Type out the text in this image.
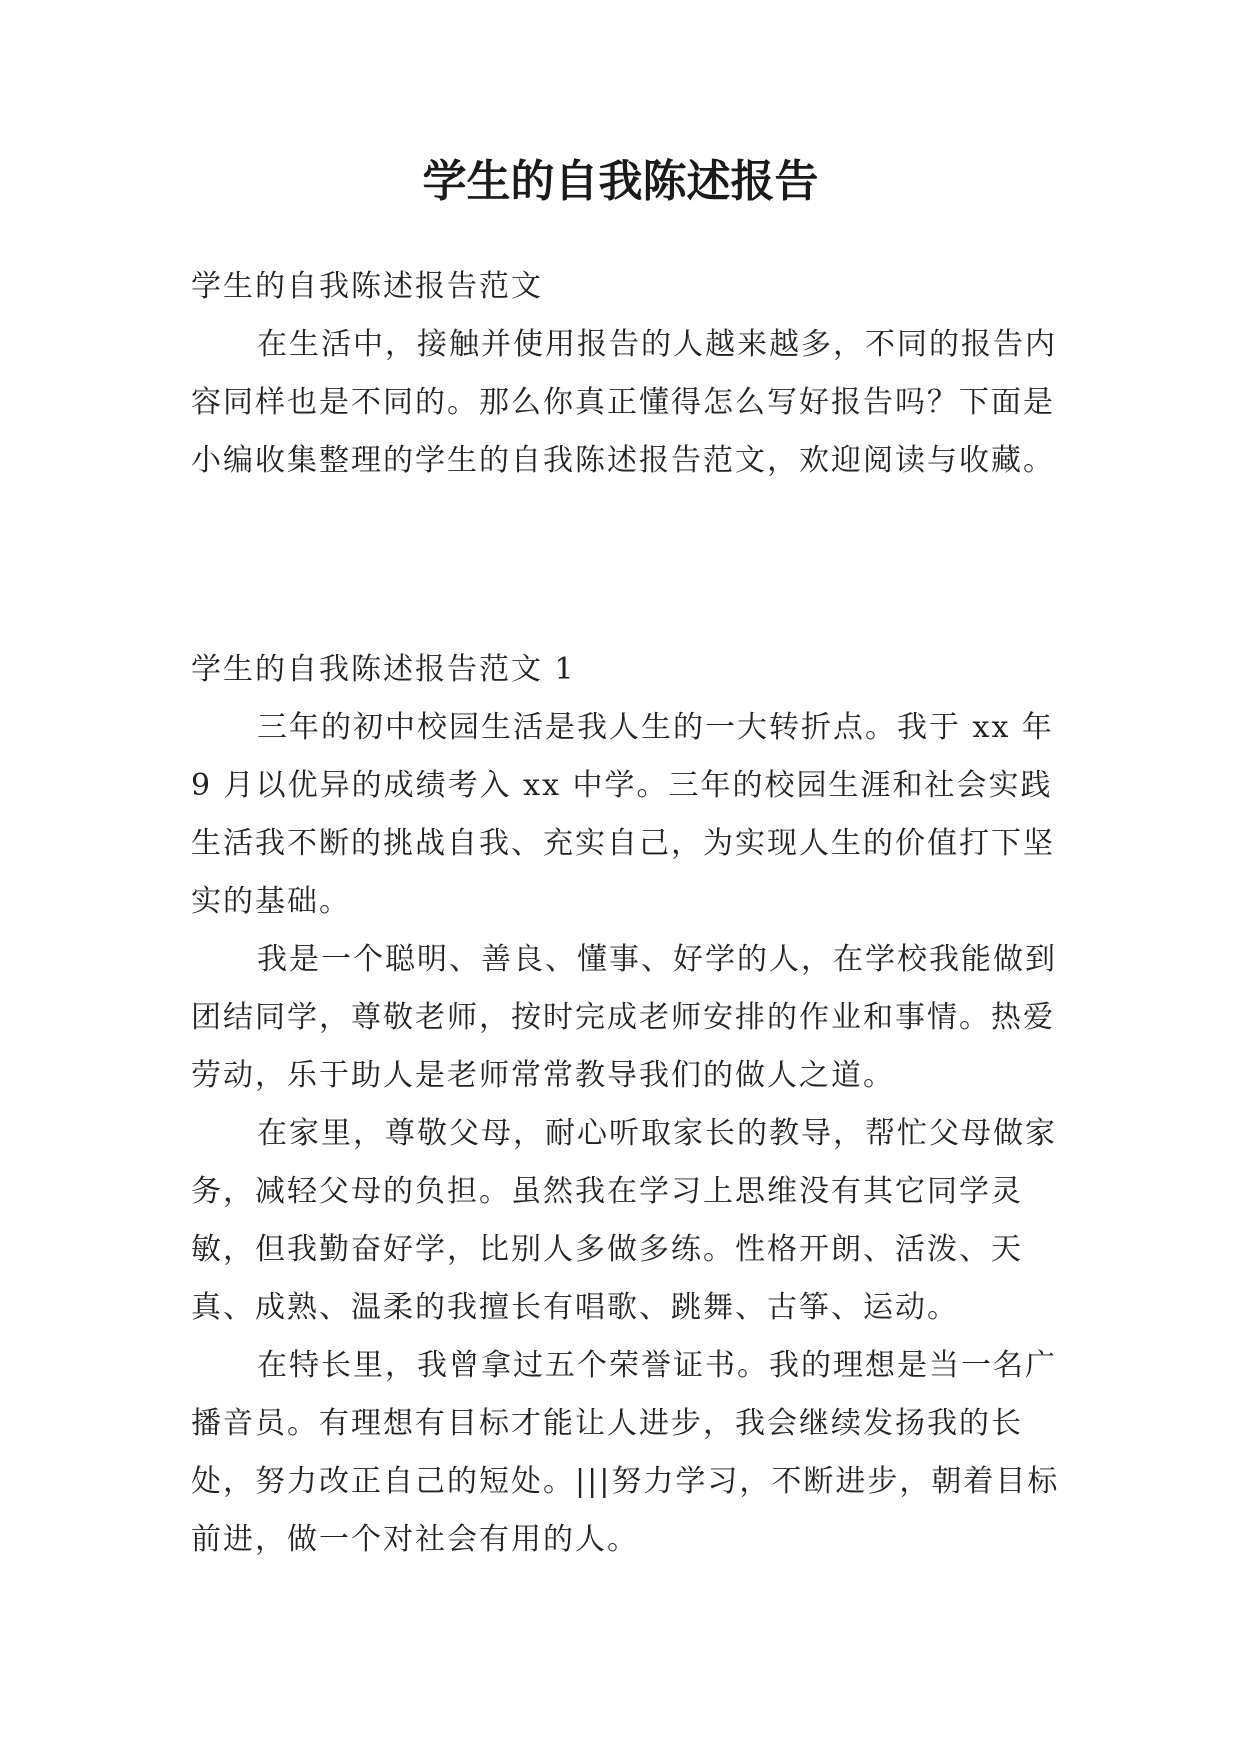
学生的自我陈述报告

学生的自我陈述报告范文

在生活中，接触并使用报告的人越来越多，不同的报告内容同样也是不同的。那么你真正懂得怎么写好报告吗？下面是小编收集整理的学生的自我陈述报告范文，欢迎阅读与收藏。

学生的自我陈述报告范文 1

三年的初中校园生活是我人生的一大转折点。我于 xx 年 9 月以优异的成绩考入 xx 中学。三年的校园生涯和社会实践生活我不断的挑战自我、充实自己，为实现人生的价值打下坚实的基础。

我是一个聪明、善良、懂事、好学的人，在学校我能做到团结同学，尊敬老师，按时完成老师安排的作业和事情。热爱劳动，乐于助人是老师常常教导我们的做人之道。

在家里，尊敬父母，耐心听取家长的教导，帮忙父母做家务，减轻父母的负担。虽然我在学习上思维没有其它同学灵敏，但我勤奋好学，比别人多做多练。性格开朗、活泼、天真、成熟、温柔的我擅长有唱歌、跳舞、古筝、运动。

在特长里，我曾拿过五个荣誉证书。我的理想是当一名广播音员。有理想有目标才能让人进步，我会继续发扬我的长处，努力改正自己的短处。|||努力学习，不断进步，朝着目标前进，做一个对社会有用的人。
